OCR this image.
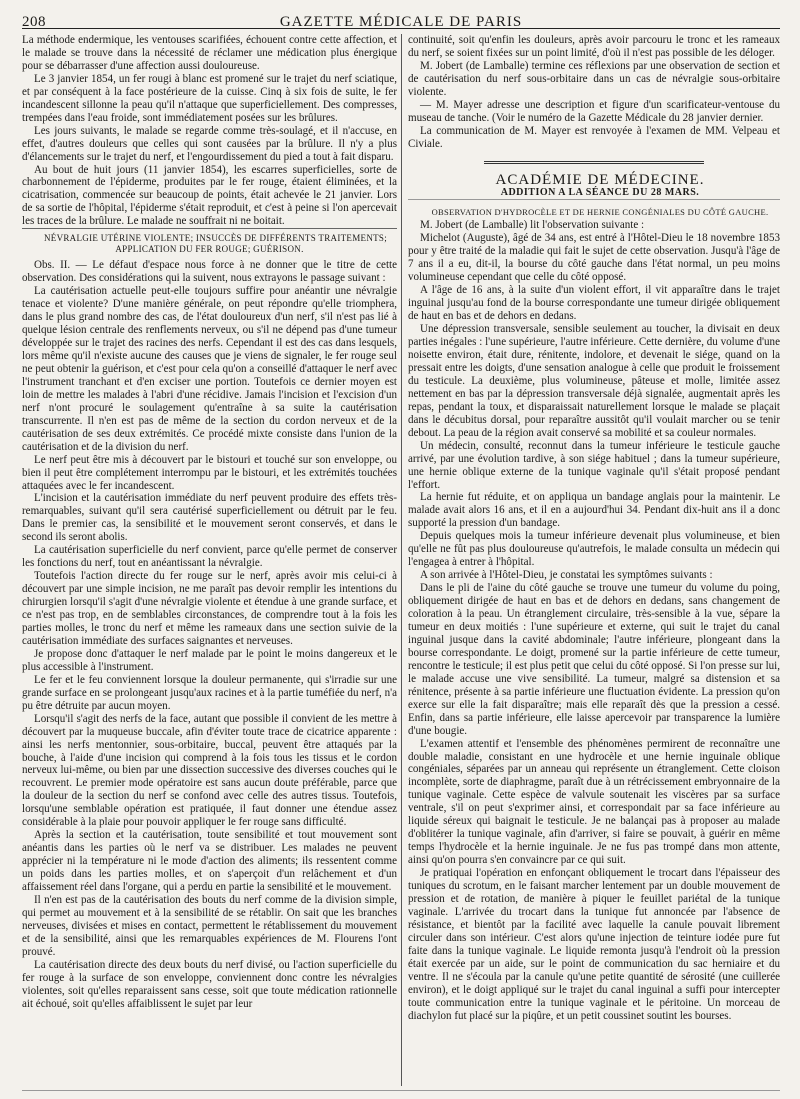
208	GAZETTE MÉDICALE DE PARIS

La méthode endermique, les ventouses scarifiées, échouent contre cette affection, et le malade se trouve dans la nécessité de réclamer une médication plus énergique pour se débarrasser d'une affection aussi douloureuse.

Le 3 janvier 1854, un fer rougi à blanc est promené sur le trajet du nerf sciatique, et par conséquent à la face postérieure de la cuisse. Cinq à six fois de suite, le fer incandescent sillonne la peau qu'il n'attaque que superficiellement. Des compresses, trempées dans l'eau froide, sont immédiatement posées sur les brûlures.

Les jours suivants, le malade se regarde comme très-soulagé, et il n'accuse, en effet, d'autres douleurs que celles qui sont causées par la brûlure. Il n'y a plus d'élancements sur le trajet du nerf, et l'engourdissement du pied a tout à fait disparu.

Au bout de huit jours (11 janvier 1854), les escarres superficielles, sorte de charbonnement de l'épiderme, produites par le fer rouge, étaient éliminées, et la cicatrisation, commencée sur beaucoup de points, était achevée le 21 janvier. Lors de sa sortie de l'hôpital, l'épiderme s'était reproduit, et c'est à peine si l'on apercevait les traces de la brûlure. Le malade ne souffrait ni ne boitait.

NÉVRALGIE UTÉRINE VIOLENTE; INSUCCÈS DE DIFFÉRENTS TRAITEMENTS; APPLICATION DU FER ROUGE; GUÉRISON.

Obs. II. — Le défaut d'espace nous force à ne donner que le titre de cette observation. Des considérations qui la suivent, nous extrayons le passage suivant :

La cautérisation actuelle peut-elle toujours suffire pour anéantir une névralgie tenace et violente? D'une manière générale, on peut répondre qu'elle triomphera, dans le plus grand nombre des cas, de l'état douloureux d'un nerf, s'il n'est pas lié à quelque lésion centrale des renflements nerveux, ou s'il ne dépend pas d'une tumeur développée sur le trajet des racines des nerfs. Cependant il est des cas dans lesquels, lors même qu'il n'existe aucune des causes que je viens de signaler, le fer rouge seul ne peut obtenir la guérison, et c'est pour cela qu'on a conseillé d'attaquer le nerf avec l'instrument tranchant et d'en exciser une portion. Toutefois ce dernier moyen est loin de mettre les malades à l'abri d'une récidive. Jamais l'incision et l'excision d'un nerf n'ont procuré le soulagement qu'entraîne à sa suite la cautérisation transcurrente. Il n'en est pas de même de la section du cordon nerveux et de la cautérisation de ses deux extrémités. Ce procédé mixte consiste dans l'union de la cautérisation et de la division du nerf.

Le nerf peut être mis à découvert par le bistouri et touché sur son enveloppe, ou bien il peut être complétement interrompu par le bistouri, et les extrémités touchées attaquées avec le fer incandescent.

L'incision et la cautérisation immédiate du nerf peuvent produire des effets très-remarquables, suivant qu'il sera cautérisé superficiellement ou détruit par le feu. Dans le premier cas, la sensibilité et le mouvement seront conservés, et dans le second ils seront abolis.

La cautérisation superficielle du nerf convient, parce qu'elle permet de conserver les fonctions du nerf, tout en anéantissant la névralgie.

Toutefois l'action directe du fer rouge sur le nerf, après avoir mis celui-ci à découvert par une simple incision, ne me paraît pas devoir remplir les intentions du chirurgien lorsqu'il s'agit d'une névralgie violente et étendue à une grande surface, et ce n'est pas trop, en de semblables circonstances, de comprendre tout à la fois les parties molles, le tronc du nerf et même les rameaux dans une section suivie de la cautérisation immédiate des surfaces saignantes et nerveuses.

Je propose donc d'attaquer le nerf malade par le point le moins dangereux et le plus accessible à l'instrument.

Le fer et le feu conviennent lorsque la douleur permanente, qui s'irradie sur une grande surface en se prolongeant jusqu'aux racines et à la partie tuméfiée du nerf, n'a pu être détruite par aucun moyen.

Lorsqu'il s'agit des nerfs de la face, autant que possible il convient de les mettre à découvert par la muqueuse buccale, afin d'éviter toute trace de cicatrice apparente : ainsi les nerfs mentonnier, sous-orbitaire, buccal, peuvent être attaqués par la bouche, à l'aide d'une incision qui comprend à la fois tous les tissus et le cordon nerveux lui-même, ou bien par une dissection successive des diverses couches qui le recouvrent. Le premier mode opératoire est sans aucun doute préférable, parce que la douleur de la section du nerf se confond avec celle des autres tissus. Toutefois, lorsqu'une semblable opération est pratiquée, il faut donner une étendue assez considérable à la plaie pour pouvoir appliquer le fer rouge sans difficulté.

Après la section et la cautérisation, toute sensibilité et tout mouvement sont anéantis dans les parties où le nerf va se distribuer. Les malades ne peuvent apprécier ni la température ni le mode d'action des aliments; ils ressentent comme un poids dans les parties molles, et on s'aperçoit d'un relâchement et d'un affaissement réel dans l'organe, qui a perdu en partie la sensibilité et le mouvement.

Il n'en est pas de la cautérisation des bouts du nerf comme de la division simple, qui permet au mouvement et à la sensibilité de se rétablir. On sait que les branches nerveuses, divisées et mises en contact, permettent le rétablissement du mouvement et de la sensibilité, ainsi que les remarquables expériences de M. Flourens l'ont prouvé.

La cautérisation directe des deux bouts du nerf divisé, ou l'action superficielle du fer rouge à la surface de son enveloppe, conviennent donc contre les névralgies violentes, soit qu'elles reparaissent sans cesse, soit que toute médication rationnelle ait échoué, soit qu'elles affaiblissent le sujet par leur

continuité, soit qu'enfin les douleurs, après avoir parcouru le tronc et les rameaux du nerf, se soient fixées sur un point limité, d'où il n'est pas possible de les déloger.

M. Jobert (de Lamballe) termine ces réflexions par une observation de section et de cautérisation du nerf sous-orbitaire dans un cas de névralgie sous-orbitaire violente.

— M. Mayer adresse une description et figure d'un scarificateur-ventouse du museau de tanche. (Voir le numéro de la Gazette Médicale du 28 janvier dernier.

La communication de M. Mayer est renvoyée à l'examen de MM. Velpeau et Civiale.

ACADÉMIE DE MÉDECINE.

ADDITION A LA SÉANCE DU 28 MARS.

OBSERVATION D'HYDROCÈLE ET DE HERNIE CONGÉNIALES DU CÔTÉ GAUCHE.

M. Jobert (de Lamballe) lit l'observation suivante :

Michelot (Auguste), âgé de 34 ans, est entré à l'Hôtel-Dieu le 18 novembre 1853 pour y être traité de la maladie qui fait le sujet de cette observation. Jusqu'à l'âge de 7 ans il a eu, dit-il, la bourse du côté gauche dans l'état normal, un peu moins volumineuse cependant que celle du côté opposé.

A l'âge de 16 ans, à la suite d'un violent effort, il vit apparaître dans le trajet inguinal jusqu'au fond de la bourse correspondante une tumeur dirigée obliquement de haut en bas et de dehors en dedans.

Une dépression transversale, sensible seulement au toucher, la divisait en deux parties inégales : l'une supérieure, l'autre inférieure. Cette dernière, du volume d'une noisette environ, était dure, rénitente, indolore, et devenait le siége, quand on la pressait entre les doigts, d'une sensation analogue à celle que produit le froissement du testicule. La deuxième, plus volumineuse, pâteuse et molle, limitée assez nettement en bas par la dépression transversale déjà signalée, augmentait après les repas, pendant la toux, et disparaissait naturellement lorsque le malade se plaçait dans le décubitus dorsal, pour reparaître aussitôt qu'il voulait marcher ou se tenir debout. La peau de la région avait conservé sa mobilité et sa couleur normales.

Un médecin, consulté, reconnut dans la tumeur inférieure le testicule gauche arrivé, par une évolution tardive, à son siége habituel ; dans la tumeur supérieure, une hernie oblique externe de la tunique vaginale qu'il s'était proposé pendant l'effort.

La hernie fut réduite, et on appliqua un bandage anglais pour la maintenir. Le malade avait alors 16 ans, et il en a aujourd'hui 34. Pendant dix-huit ans il a donc supporté la pression d'un bandage.

Depuis quelques mois la tumeur inférieure devenait plus volumineuse, et bien qu'elle ne fût pas plus douloureuse qu'autrefois, le malade consulta un médecin qui l'engagea à entrer à l'hôpital.

A son arrivée à l'Hôtel-Dieu, je constatai les symptômes suivants :

Dans le pli de l'aine du côté gauche se trouve une tumeur du volume du poing, obliquement dirigée de haut en bas et de dehors en dedans, sans changement de coloration à la peau. Un étranglement circulaire, très-sensible à la vue, sépare la tumeur en deux moitiés : l'une supérieure et externe, qui suit le trajet du canal inguinal jusque dans la cavité abdominale; l'autre inférieure, plongeant dans la bourse correspondante. Le doigt, promené sur la partie inférieure de cette tumeur, rencontre le testicule; il est plus petit que celui du côté opposé. Si l'on presse sur lui, le malade accuse une vive sensibilité. La tumeur, malgré sa distension et sa rénitence, présente à sa partie inférieure une fluctuation évidente. La pression qu'on exerce sur elle la fait disparaître; mais elle reparaît dès que la pression a cessé. Enfin, dans sa partie inférieure, elle laisse apercevoir par transparence la lumière d'une bougie.

L'examen attentif et l'ensemble des phénomènes permirent de reconnaître une double maladie, consistant en une hydrocèle et une hernie inguinale oblique congéniales, séparées par un anneau qui représente un étranglement. Cette cloison incomplète, sorte de diaphragme, paraît due à un rétrécissement embryonnaire de la tunique vaginale. Cette espèce de valvule soutenait les viscères par sa surface ventrale, s'il on peut s'exprimer ainsi, et correspondait par sa face inférieure au liquide séreux qui baignait le testicule. Je ne balançai pas à proposer au malade d'oblitérer la tunique vaginale, afin d'arriver, si faire se pouvait, à guérir en même temps l'hydrocèle et la hernie inguinale. Je ne fus pas trompé dans mon attente, ainsi qu'on pourra s'en convaincre par ce qui suit.

Je pratiquai l'opération en enfonçant obliquement le trocart dans l'épaisseur des tuniques du scrotum, en le faisant marcher lentement par un double mouvement de pression et de rotation, de manière à piquer le feuillet pariétal de la tunique vaginale. L'arrivée du trocart dans la tunique fut annoncée par l'absence de résistance, et bientôt par la facilité avec laquelle la canule pouvait librement circuler dans son intérieur. C'est alors qu'une injection de teinture iodée pure fut faite dans la tunique vaginale. Le liquide remonta jusqu'à l'endroit où la pression était exercée par un aide, sur le point de communication du sac herniaire et du ventre. Il ne s'écoula par la canule qu'une petite quantité de sérosité (une cuillerée environ), et le doigt appliqué sur le trajet du canal inguinal a suffi pour intercepter toute communication entre la tunique vaginale et le péritoine. Un morceau de diachylon fut placé sur la piqûre, et un petit coussinet soutint les bourses.
